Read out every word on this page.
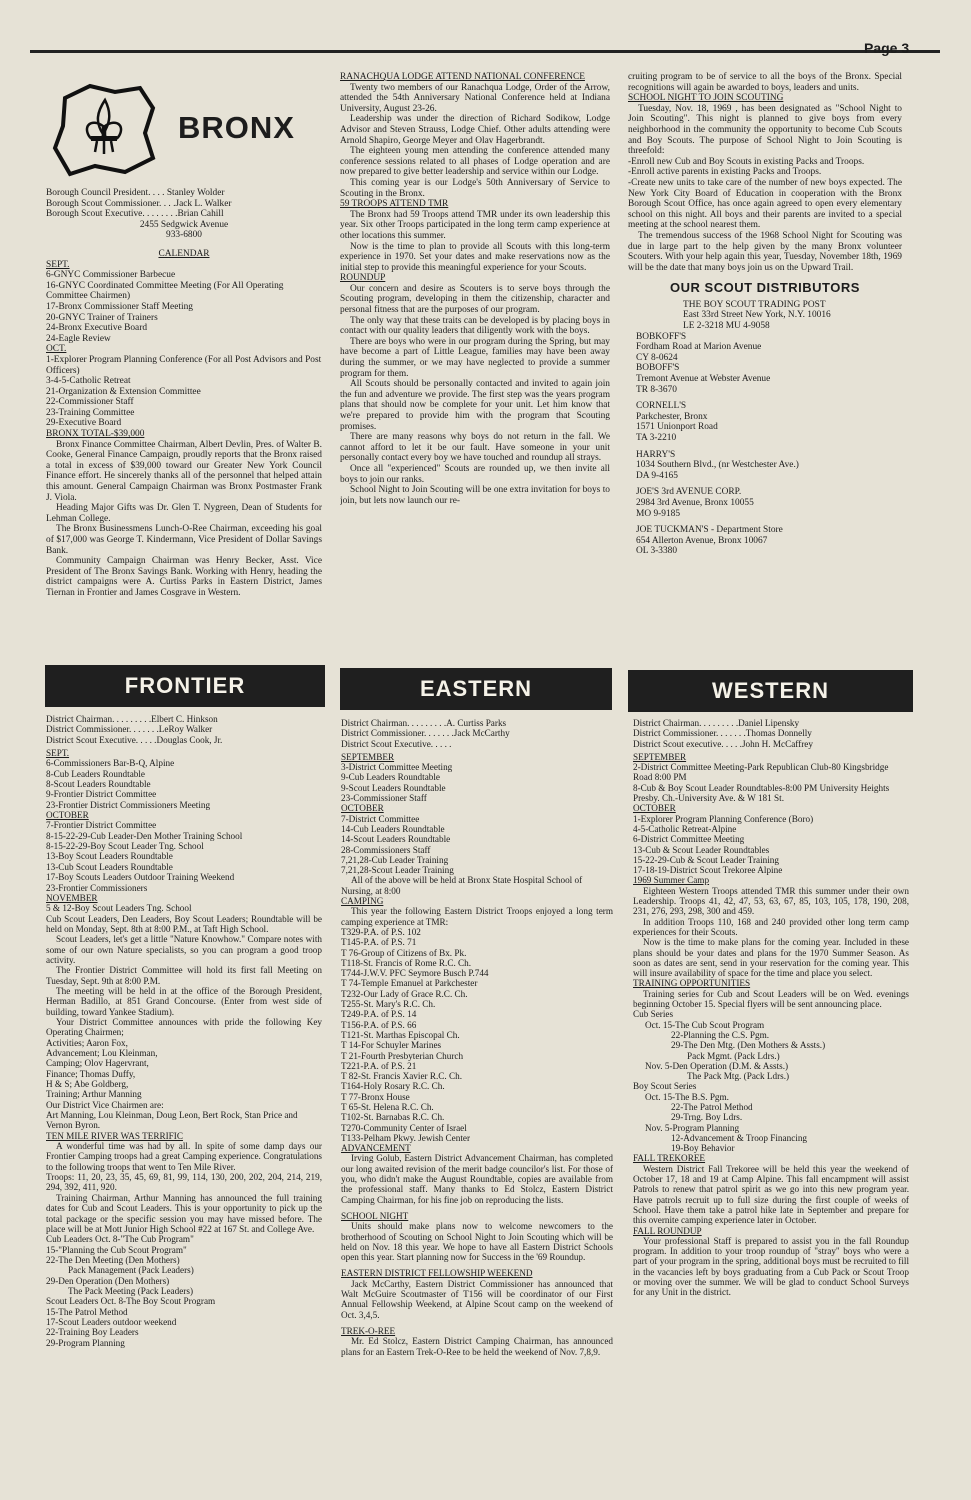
Page 3
BRONX

Borough Council President. . . . Stanley Wolder

Borough Scout Commissioner. . . .Jack L. Walker

Borough Scout Executive. . . . . . . .Brian Cahill

2455 Sedgwick Avenue

933-6800

CALENDAR

SEPT.

6-GNYC Commissioner Barbecue

16-GNYC Coordinated Committee Meeting (For All Operating Committee Chairmen)

17-Bronx Commissioner Staff Meeting

20-GNYC Trainer of Trainers

24-Bronx Executive Board

24-Eagle Review

OCT.

1-Explorer Program Planning Conference (For all Post Advisors and Post Officers)

3-4-5-Catholic Retreat

21-Organization & Extension Committee

22-Commissioner Staff

23-Training Committee

29-Executive Board

BRONX TOTAL-$39,000

Bronx Finance Committee Chairman, Albert Devlin, Pres. of Walter B. Cooke, General Finance Campaign, proudly reports that the Bronx raised a total in excess of $39,000 toward our Greater New York Council Finance effort. He sincerely thanks all of the personnel that helped attain this amount. General Campaign Chairman was Bronx Postmaster Frank J. Viola.

Heading Major Gifts was Dr. Glen T. Nygreen, Dean of Students for Lehman College.

The Bronx Businessmens Lunch-O-Ree Chairman, exceeding his goal of $17,000 was George T. Kindermann, Vice President of Dollar Savings Bank.

Community Campaign Chairman was Henry Becker, Asst. Vice President of The Bronx Savings Bank. Working with Henry, heading the district campaigns were A. Curtiss Parks in Eastern District, James Tiernan in Frontier and James Cosgrave in Western.

RANACHQUA LODGE ATTEND NATIONAL CONFERENCE

Twenty two members of our Ranachqua Lodge, Order of the Arrow, attended the 54th Anniversary National Conference held at Indiana University, August 23-26.

Leadership was under the direction of Richard Sodikow, Lodge Advisor and Steven Strauss, Lodge Chief. Other adults attending were Arnold Shapiro, George Meyer and Olav Hagerbrandt.

The eighteen young men attending the conference attended many conference sessions related to all phases of Lodge operation and are now prepared to give better leadership and service within our Lodge.

This coming year is our Lodge's 50th Anniversary of Service to Scouting in the Bronx.

59 TROOPS ATTEND TMR

The Bronx had 59 Troops attend TMR under its own leadership this year. Six other Troops participated in the long term camp experience at other locations this summer.

Now is the time to plan to provide all Scouts with this long-term experience in 1970. Set your dates and make reservations now as the initial step to provide this meaningful experience for your Scouts.

ROUNDUP

Our concern and desire as Scouters is to serve boys through the Scouting program, developing in them the citizenship, character and personal fitness that are the purposes of our program.

The only way that these traits can be developed is by placing boys in contact with our quality leaders that diligently work with the boys.

There are boys who were in our program during the Spring, but may have become a part of Little League, families may have been away during the summer, or we may have neglected to provide a summer program for them.

All Scouts should be personally contacted and invited to again join the fun and adventure we provide. The first step was the years program plans that should now be complete for your unit. Let him know that we're prepared to provide him with the program that Scouting promises.

There are many reasons why boys do not return in the fall. We cannot afford to let it be our fault. Have someone in your unit personally contact every boy we have touched and roundup all strays.

Once all "experienced" Scouts are rounded up, we then invite all boys to join our ranks.

School Night to Join Scouting will be one extra invitation for boys to join, but lets now launch our re-

cruiting program to be of service to all the boys of the Bronx. Special recognitions will again be awarded to boys, leaders and units.

SCHOOL NIGHT TO JOIN SCOUTING

Tuesday, Nov. 18, 1969 , has been designated as "School Night to Join Scouting". This night is planned to give boys from every neighborhood in the community the opportunity to become Cub Scouts and Boy Scouts. The purpose of School Night to Join Scouting is threefold:

-Enroll new Cub and Boy Scouts in existing Packs and Troops.

-Enroll active parents in existing Packs and Troops.

-Create new units to take care of the number of new boys expected. The New York City Board of Education in cooperation with the Bronx Borough Scout Office, has once again agreed to open every elementary school on this night. All boys and their parents are invited to a special meeting at the school nearest them.

The tremendous success of the 1968 School Night for Scouting was due in large part to the help given by the many Bronx volunteer Scouters. With your help again this year, Tuesday, November 18th, 1969 will be the date that many boys join us on the Upward Trail.

OUR SCOUT DISTRIBUTORS

THE BOY SCOUT TRADING POST

East 33rd Street New York, N.Y. 10016

LE 2-3218 MU 4-9058

BOBKOFF'S

Fordham Road at Marion Avenue

CY 8-0624

BOBOFF'S

Tremont Avenue at Webster Avenue

TR 8-3670

CORNELL'S

Parkchester, Bronx

1571 Unionport Road

TA 3-2210

HARRY'S

1034 Southern Blvd., (nr Westchester Ave.)

DA 9-4165

JOE'S 3rd AVENUE CORP.

2984 3rd Avenue, Bronx 10055

MO 9-9185

JOE TUCKMAN'S - Department Store

654 Allerton Avenue, Bronx 10067

OL 3-3380

FRONTIER	EASTERN	WESTERN

District Chairman. . . . . . . . .Elbert C. Hinkson

District Commissioner. . . . . . .LeRoy Walker

District Scout Executive. . . . .Douglas Cook, Jr.

SEPT.

6-Commissioners Bar-B-Q, Alpine

8-Cub Leaders Roundtable

8-Scout Leaders Roundtable

9-Frontier District Committee

23-Frontier District Commissioners Meeting

OCTOBER

7-Frontier District Committee

8-15-22-29-Cub Leader-Den Mother Training School

8-15-22-29-Boy Scout Leader Tng. School

13-Boy Scout Leaders Roundtable

13-Cub Scout Leaders Roundtable

17-Boy Scouts Leaders Outdoor Training Weekend

23-Frontier Commissioners

NOVEMBER

5 & 12-Boy Scout Leaders Tng. School

Cub Scout Leaders, Den Leaders, Boy Scout Leaders; Roundtable will be held on Monday, Sept. 8th at 8:00 P.M., at Taft High School.

Scout Leaders, let's get a little "Nature Knowhow." Compare notes with some of our own Nature specialists, so you can program a good troop activity.

The Frontier District Committee will hold its first fall Meeting on Tuesday, Sept. 9th at 8:00 P.M.

The meeting will be held in at the office of the Borough President, Herman Badillo, at 851 Grand Concourse. (Enter from west side of building, toward Yankee Stadium).

Your District Committee announces with pride the following Key Operating Chairmen;

Activities; Aaron Fox,

Advancement; Lou Kleinman,

Camping; Olov Hagervrant,

Finance; Thomas Duffy,

H & S; Abe Goldberg,

Training; Arthur Manning

Our District Vice Chairmen are:

Art Manning, Lou Kleinman, Doug Leon, Bert Rock, Stan Price and Vernon Byron.

TEN MILE RIVER WAS TERRIFIC

A wonderful time was had by all. In spite of some damp days our Frontier Camping troops had a great Camping experience. Congratulations to the following troops that went to Ten Mile River.

Troops: 11, 20, 23, 35, 45, 69, 81, 99, 114, 130, 200, 202, 204, 214, 219, 294, 392, 411, 920.

Training Chairman, Arthur Manning has announced the full training dates for Cub and Scout Leaders. This is your opportunity to pick up the total package or the specific session you may have missed before. The place will be at Mott Junior High School #22 at 167 St. and College Ave.

Cub Leaders Oct. 8-"The Cub Program"

15-"Planning the Cub Scout Program"

22-The Den Meeting (Den Mothers)

Pack Management (Pack Leaders)

29-Den Operation (Den Mothers)

The Pack Meeting (Pack Leaders)

Scout Leaders Oct. 8-The Boy Scout Program

15-The Patrol Method

17-Scout Leaders outdoor weekend

22-Training Boy Leaders

29-Program Planning

District Chairman. . . . . . . . .A. Curtiss Parks

District Commissioner. . . . . . .Jack McCarthy

District Scout Executive. . . . .

SEPTEMBER

3-District Committee Meeting

9-Cub Leaders Roundtable

9-Scout Leaders Roundtable

23-Commissioner Staff

OCTOBER

7-District Committee

14-Cub Leaders Roundtable

14-Scout Leaders Roundtable

28-Commissioners Staff

7,21,28-Cub Leader Training

7,21,28-Scout Leader Training

All of the above will be held at Bronx State Hospital School of Nursing, at 8:00

CAMPING

This year the following Eastern District Troops enjoyed a long term camping experience at TMR:

T329-P.A. of P.S. 102

T145-P.A. of P.S. 71

T 76-Group of Citizens of Bx. Pk.

T118-St. Francis of Rome R.C. Ch.

T744-J.W.V. PFC Seymore Busch P.744

T 74-Temple Emanuel at Parkchester

T232-Our Lady of Grace R.C. Ch.

T255-St. Mary's R.C. Ch.

T249-P.A. of P.S. 14

T156-P.A. of P.S. 66

T121-St. Marthas Episcopal Ch.

T 14-For Schuyler Marines

T 21-Fourth Presbyterian Church

T221-P.A. of P.S. 21

T 82-St. Francis Xavier R.C. Ch.

T164-Holy Rosary R.C. Ch.

T 77-Bronx House

T 65-St. Helena R.C. Ch.

T102-St. Barnabas R.C. Ch.

T270-Community Center of Israel

T133-Pelham Pkwy. Jewish Center

ADVANCEMENT

Irving Golub, Eastern District Advancement Chairman, has completed our long awaited revision of the merit badge councilor's list. For those of you, who didn't make the August Roundtable, copies are available from the professional staff. Many thanks to Ed Stolcz, Eastern District Camping Chairman, for his fine job on reproducing the lists.

SCHOOL NIGHT

Units should make plans now to welcome newcomers to the brotherhood of Scouting on School Night to Join Scouting which will be held on Nov. 18 this year. We hope to have all Eastern District Schools open this year. Start planning now for Success in the '69 Roundup.

EASTERN DISTRICT FELLOWSHIP WEEKEND

Jack McCarthy, Eastern District Commissioner has announced that Walt McGuire Scoutmaster of T156 will be coordinator of our First Annual Fellowship Weekend, at Alpine Scout camp on the weekend of Oct. 3,4,5.

TREK-O-REE

Mr. Ed Stolcz, Eastern District Camping Chairman, has announced plans for an Eastern Trek-O-Ree to be held the weekend of Nov. 7,8,9.

District Chairman. . . . . . . . .Daniel Lipensky

District Commissioner. . . . . . .Thomas Donnelly

District Scout executive. . . . .John H. McCaffrey

SEPTEMBER

2-District Committee Meeting-Park Republican Club-80 Kingsbridge Road 8:00 PM

8-Cub & Boy Scout Leader Roundtables-8:00 PM University Heights Presby. Ch.-University Ave. & W 181 St.

OCTOBER

1-Explorer Program Planning Conference (Boro)

4-5-Catholic Retreat-Alpine

6-District Committee Meeting

13-Cub & Scout Leader Roundtables

15-22-29-Cub & Scout Leader Training

17-18-19-District Scout Trekoree Alpine

1969 Summer Camp

Eighteen Western Troops attended TMR this summer under their own Leadership. Troops 41, 42, 47, 53, 63, 67, 85, 103, 105, 178, 190, 208, 231, 276, 293, 298, 300 and 459.

In addition Troops 110, 168 and 240 provided other long term camp experiences for their Scouts.

Now is the time to make plans for the coming year. Included in these plans should be your dates and plans for the 1970 Summer Season. As soon as dates are sent, send in your reservation for the coming year. This will insure availability of space for the time and place you select.

TRAINING OPPORTUNITIES

Training series for Cub and Scout Leaders will be on Wed. evenings beginning October 15. Special flyers will be sent announcing place.

Cub Series

Oct. 15-The Cub Scout Program

22-Planning the C.S. Pgm.

29-The Den Mtg. (Den Mothers & Assts.)

Pack Mgmt. (Pack Ldrs.)

Nov. 5-Den Operation (D.M. & Assts.)

The Pack Mtg. (Pack Ldrs.)

Boy Scout Series

Oct. 15-The B.S. Pgm.

22-The Patrol Method

29-Trng. Boy Ldrs.

Nov. 5-Program Planning

12-Advancement & Troop Financing

19-Boy Behavior

FALL TREKOREE

Western District Fall Trekoree will be held this year the weekend of October 17, 18 and 19 at Camp Alpine. This fall encampment will assist Patrols to renew that patrol spirit as we go into this new program year. Have patrols recruit up to full size during the first couple of weeks of School. Have them take a patrol hike late in September and prepare for this overnite camping experience later in October.

FALL ROUNDUP

Your professional Staff is prepared to assist you in the fall Roundup program. In addition to your troop roundup of "stray" boys who were a part of your program in the spring, additional boys must be recruited to fill in the vacancies left by boys graduating from a Cub Pack or Scout Troop or moving over the summer. We will be glad to conduct School Surveys for any Unit in the district.
